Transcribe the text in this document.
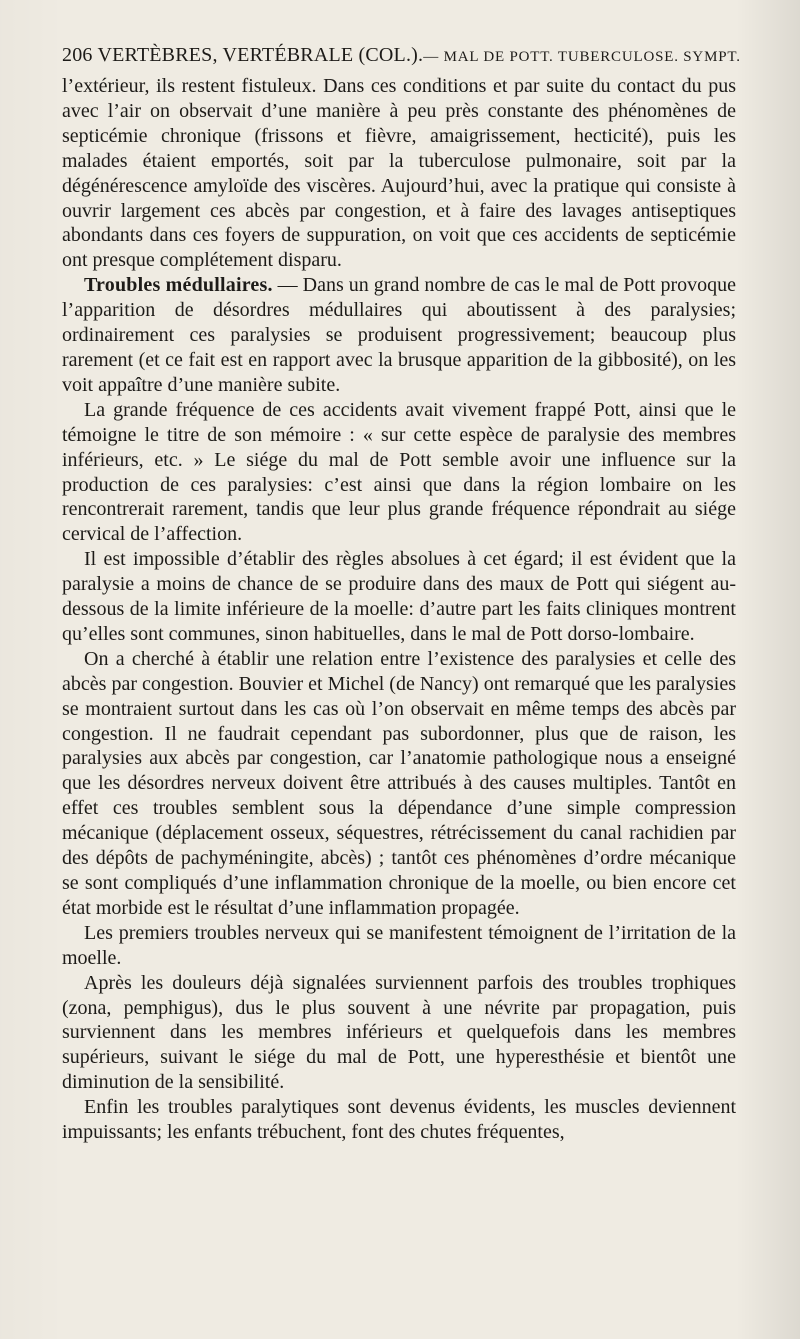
206 VERTÈBRES, VERTÉBRALE (COL.). — MAL DE POTT. TUBERCULOSE. SYMPT.

l’extérieur, ils restent fistuleux. Dans ces conditions et par suite du contact du pus avec l’air on observait d’une manière à peu près constante des phénomènes de septicémie chronique (frissons et fièvre, amaigrissement, hecticité), puis les malades étaient emportés, soit par la tuberculose pulmonaire, soit par la dégénérescence amyloïde des viscères. Aujourd’hui, avec la pratique qui consiste à ouvrir largement ces abcès par congestion, et à faire des lavages antiseptiques abondants dans ces foyers de suppuration, on voit que ces accidents de septicémie ont presque complétement disparu.

Troubles médullaires. — Dans un grand nombre de cas le mal de Pott provoque l’apparition de désordres médullaires qui aboutissent à des paralysies; ordinairement ces paralysies se produisent progressivement; beaucoup plus rarement (et ce fait est en rapport avec la brusque apparition de la gibbosité), on les voit appaître d’une manière subite.

La grande fréquence de ces accidents avait vivement frappé Pott, ainsi que le témoigne le titre de son mémoire : « sur cette espèce de paralysie des membres inférieurs, etc. » Le siége du mal de Pott semble avoir une influence sur la production de ces paralysies: c’est ainsi que dans la région lombaire on les rencontrerait rarement, tandis que leur plus grande fréquence répondrait au siége cervical de l’affection.

Il est impossible d’établir des règles absolues à cet égard; il est évident que la paralysie a moins de chance de se produire dans des maux de Pott qui siégent au-dessous de la limite inférieure de la moelle: d’autre part les faits cliniques montrent qu’elles sont communes, sinon habituelles, dans le mal de Pott dorso-lombaire.

On a cherché à établir une relation entre l’existence des paralysies et celle des abcès par congestion. Bouvier et Michel (de Nancy) ont remarqué que les paralysies se montraient surtout dans les cas où l’on observait en même temps des abcès par congestion. Il ne faudrait cependant pas subordonner, plus que de raison, les paralysies aux abcès par congestion, car l’anatomie pathologique nous a enseigné que les désordres nerveux doivent être attribués à des causes multiples. Tantôt en effet ces troubles semblent sous la dépendance d’une simple compression mécanique (déplacement osseux, séquestres, rétrécissement du canal rachidien par des dépôts de pachyméningite, abcès) ; tantôt ces phénomènes d’ordre mécanique se sont compliqués d’une inflammation chronique de la moelle, ou bien encore cet état morbide est le résultat d’une inflammation propagée.

Les premiers troubles nerveux qui se manifestent témoignent de l’irritation de la moelle.

Après les douleurs déjà signalées surviennent parfois des troubles trophiques (zona, pemphigus), dus le plus souvent à une névrite par propagation, puis surviennent dans les membres inférieurs et quelquefois dans les membres supérieurs, suivant le siége du mal de Pott, une hyperesthésie et bientôt une diminution de la sensibilité.

Enfin les troubles paralytiques sont devenus évidents, les muscles deviennent impuissants; les enfants trébuchent, font des chutes fréquentes,
